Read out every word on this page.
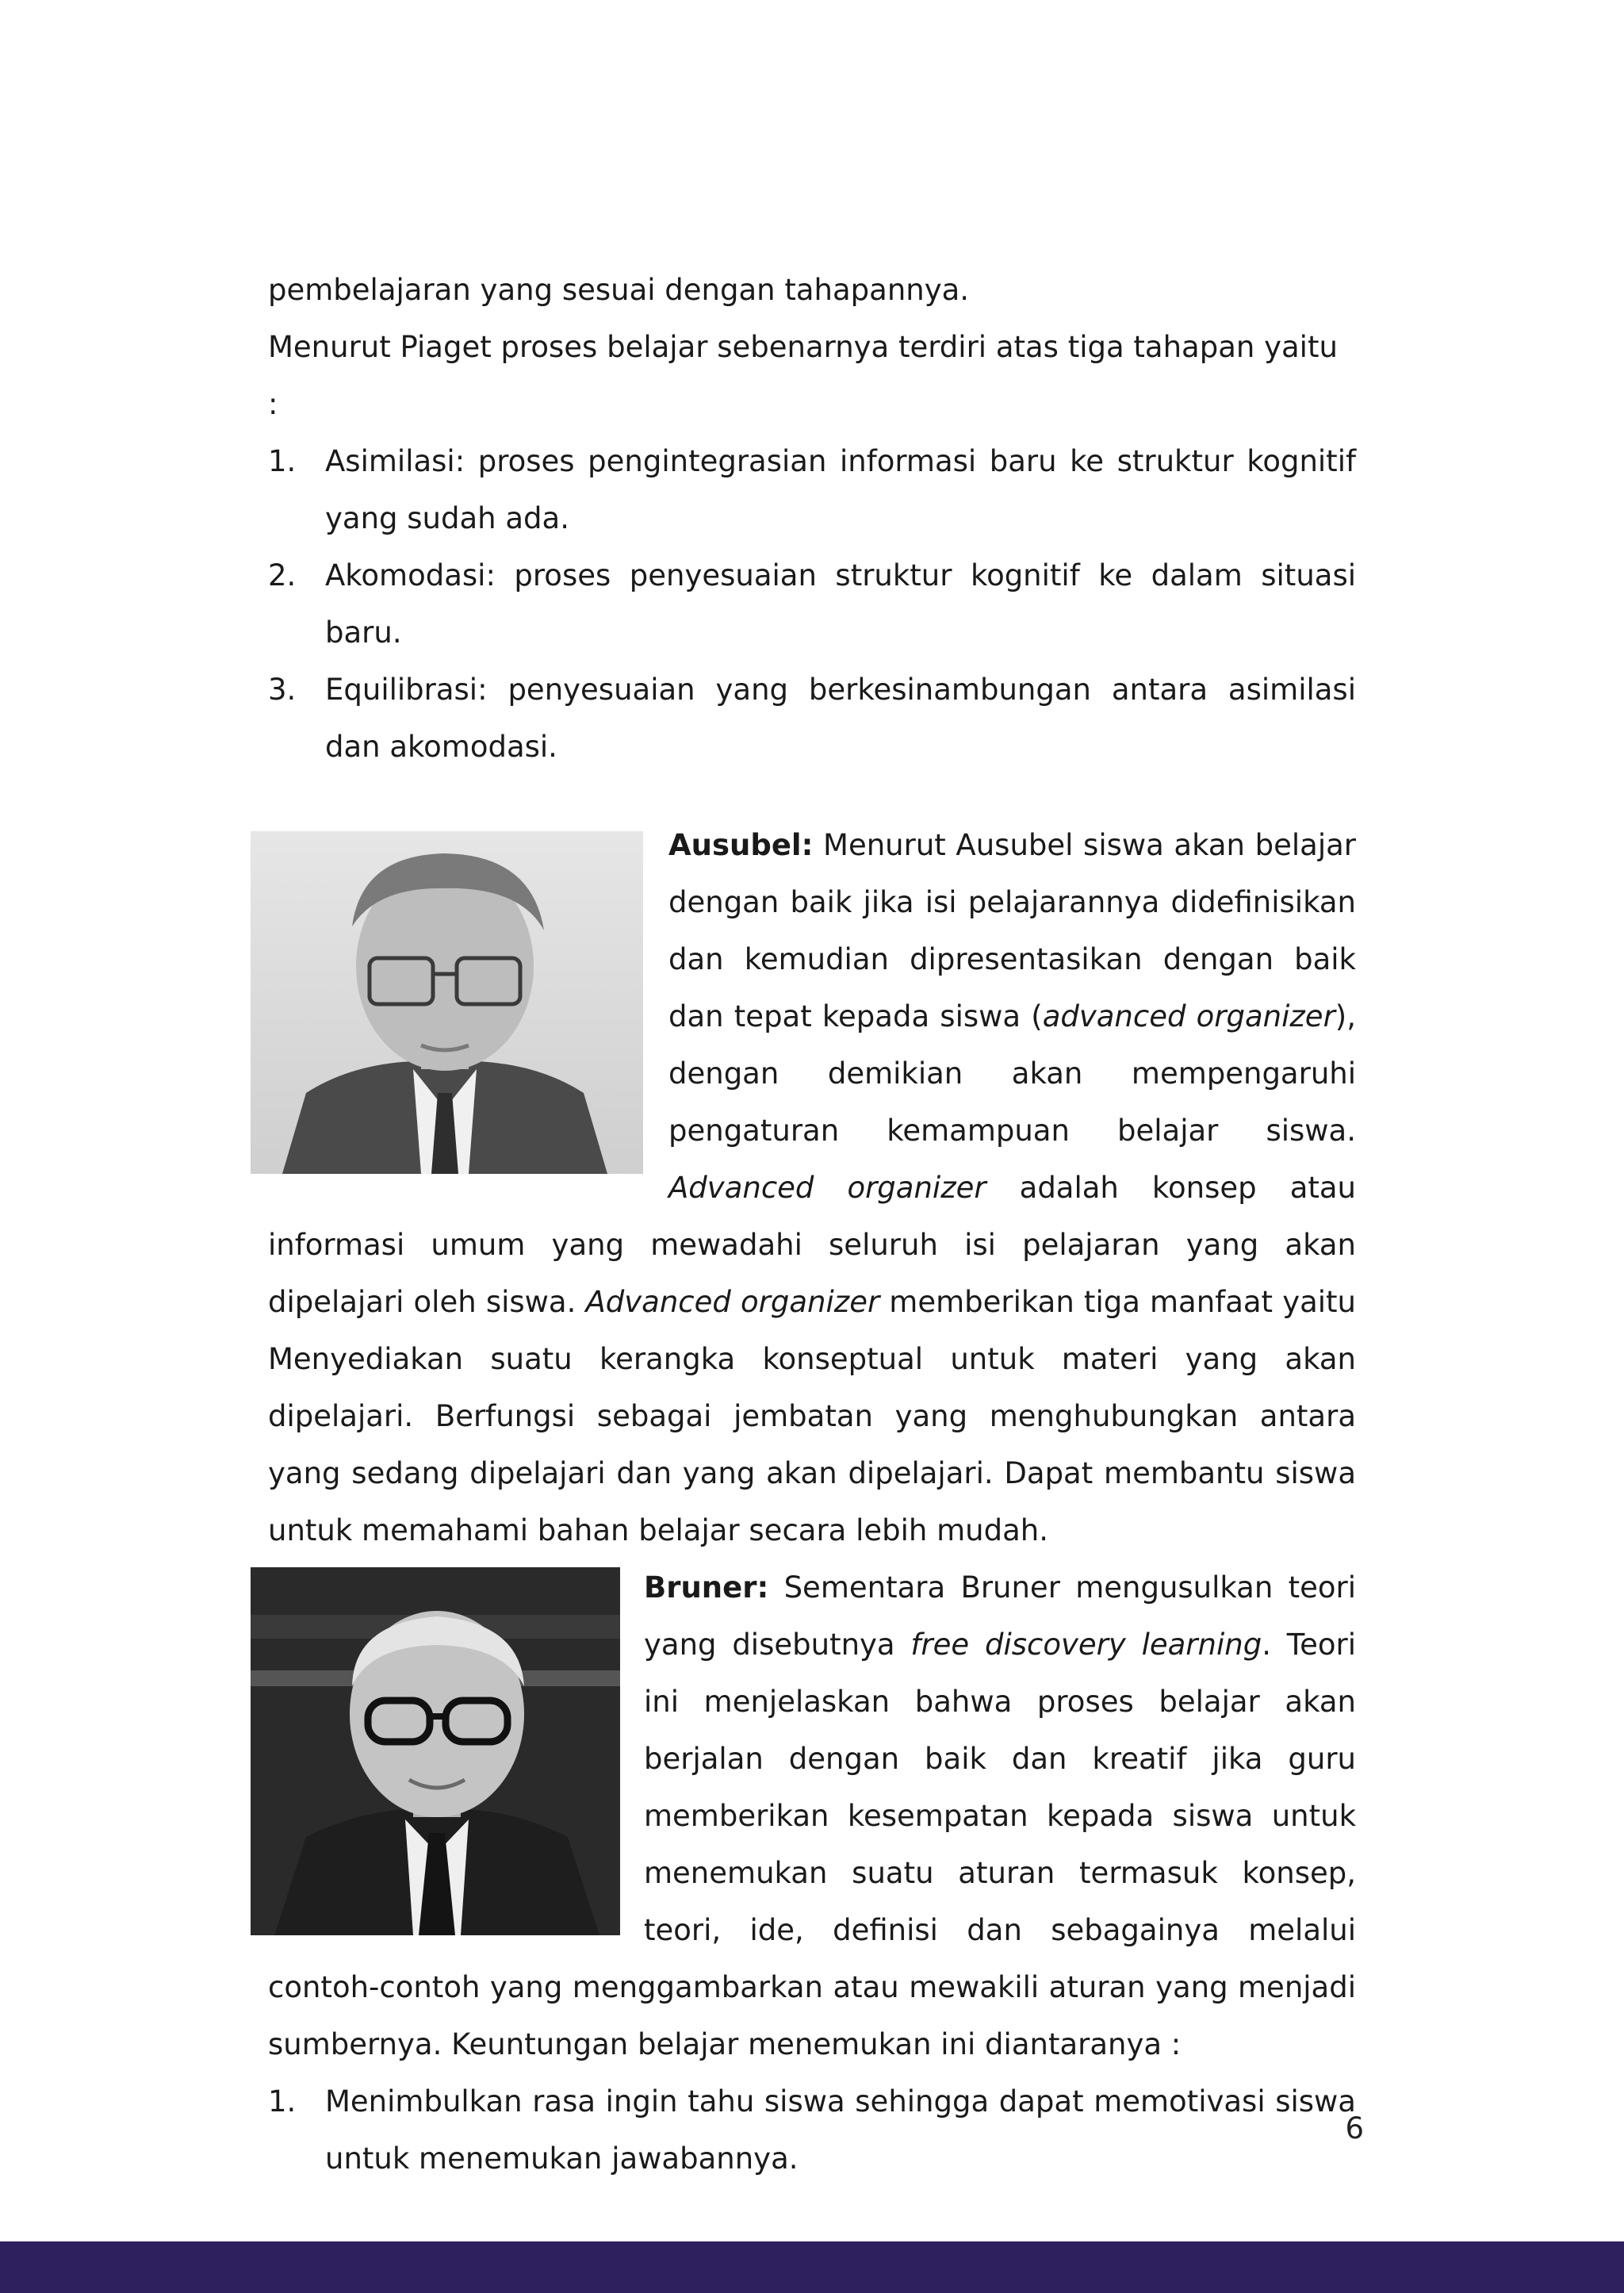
pembelajaran yang sesuai dengan tahapannya.

Menurut Piaget proses belajar sebenarnya terdiri atas tiga tahapan yaitu :

1. Asimilasi: proses pengintegrasian informasi baru ke struktur kognitif yang sudah ada.
2. Akomodasi: proses penyesuaian struktur kognitif ke dalam situasi baru.
3. Equilibrasi: penyesuaian yang berkesinambungan antara asimilasi dan akomodasi.

Ausubel: Menurut Ausubel siswa akan belajar dengan baik jika isi pelajarannya didefinisikan dan kemudian dipresentasikan dengan baik dan tepat kepada siswa (advanced organizer), dengan demikian akan mempengaruhi pengaturan kemampuan belajar siswa. Advanced organizer adalah konsep atau informasi umum yang mewadahi seluruh isi pelajaran yang akan dipelajari oleh siswa. Advanced organizer memberikan tiga manfaat yaitu Menyediakan suatu kerangka konseptual untuk materi yang akan dipelajari. Berfungsi sebagai jembatan yang menghubungkan antara yang sedang dipelajari dan yang akan dipelajari. Dapat membantu siswa untuk memahami bahan belajar secara lebih mudah.

Bruner: Sementara Bruner mengusulkan teori yang disebutnya free discovery learning. Teori ini menjelaskan bahwa proses belajar akan berjalan dengan baik dan kreatif jika guru memberikan kesempatan kepada siswa untuk menemukan suatu aturan termasuk konsep, teori, ide, definisi dan sebagainya melalui contoh-contoh yang menggambarkan atau mewakili aturan yang menjadi sumbernya. Keuntungan belajar menemukan ini diantaranya :

1. Menimbulkan rasa ingin tahu siswa sehingga dapat memotivasi siswa untuk menemukan jawabannya.
6
